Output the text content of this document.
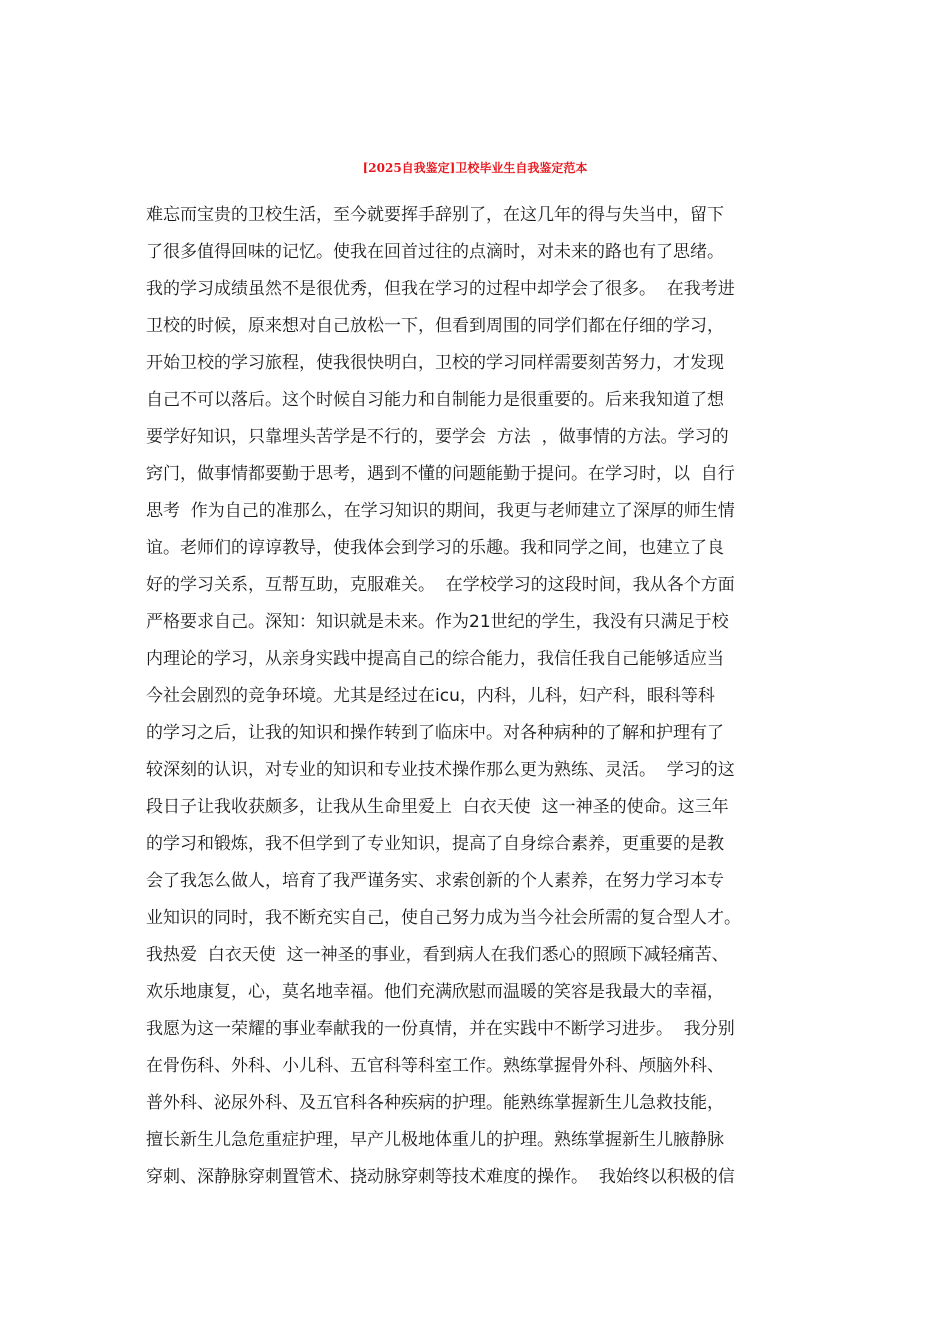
[2025自我鉴定]卫校毕业生自我鉴定范本
难忘而宝贵的卫校生活，至今就要挥手辞别了，在这几年的得与失当中，留下
了很多值得回味的记忆。使我在回首过往的点滴时，对未来的路也有了思绪。
我的学习成绩虽然不是很优秀，但我在学习的过程中却学会了很多。  在我考进
卫校的时候，原来想对自己放松一下，但看到周围的同学们都在仔细的学习，
开始卫校的学习旅程，使我很快明白，卫校的学习同样需要刻苦努力，才发现
自己不可以落后。这个时候自习能力和自制能力是很重要的。后来我知道了想
要学好知识，只靠埋头苦学是不行的，要学会  方法  ，做事情的方法。学习的
窍门，做事情都要勤于思考，遇到不懂的问题能勤于提问。在学习时，以  自行
思考  作为自己的准那么，在学习知识的期间，我更与老师建立了深厚的师生情
谊。老师们的谆谆教导，使我体会到学习的乐趣。我和同学之间，也建立了良
好的学习关系，互帮互助，克服难关。  在学校学习的这段时间，我从各个方面
严格要求自己。深知：知识就是未来。作为21世纪的学生，我没有只满足于校
内理论的学习，从亲身实践中提高自己的综合能力，我信任我自己能够适应当
今社会剧烈的竞争环境。尤其是经过在icu，内科，儿科，妇产科，眼科等科
的学习之后，让我的知识和操作转到了临床中。对各种病种的了解和护理有了
较深刻的认识，对专业的知识和专业技术操作那么更为熟练、灵活。  学习的这
段日子让我收获颇多，让我从生命里爱上  白衣天使  这一神圣的使命。这三年
的学习和锻炼，我不但学到了专业知识，提高了自身综合素养，更重要的是教
会了我怎么做人，培育了我严谨务实、求索创新的个人素养，在努力学习本专
业知识的同时，我不断充实自己，使自己努力成为当今社会所需的复合型人才。
我热爱  白衣天使  这一神圣的事业，看到病人在我们悉心的照顾下减轻痛苦、
欢乐地康复，心，莫名地幸福。他们充满欣慰而温暖的笑容是我最大的幸福，
我愿为这一荣耀的事业奉献我的一份真情，并在实践中不断学习进步。  我分别
在骨伤科、外科、小儿科、五官科等科室工作。熟练掌握骨外科、颅脑外科、
普外科、泌尿外科、及五官科各种疾病的护理。能熟练掌握新生儿急救技能，
擅长新生儿急危重症护理，早产儿极地体重儿的护理。熟练掌握新生儿腋静脉
穿刺、深静脉穿刺置管术、挠动脉穿刺等技术难度的操作。  我始终以积极的信
